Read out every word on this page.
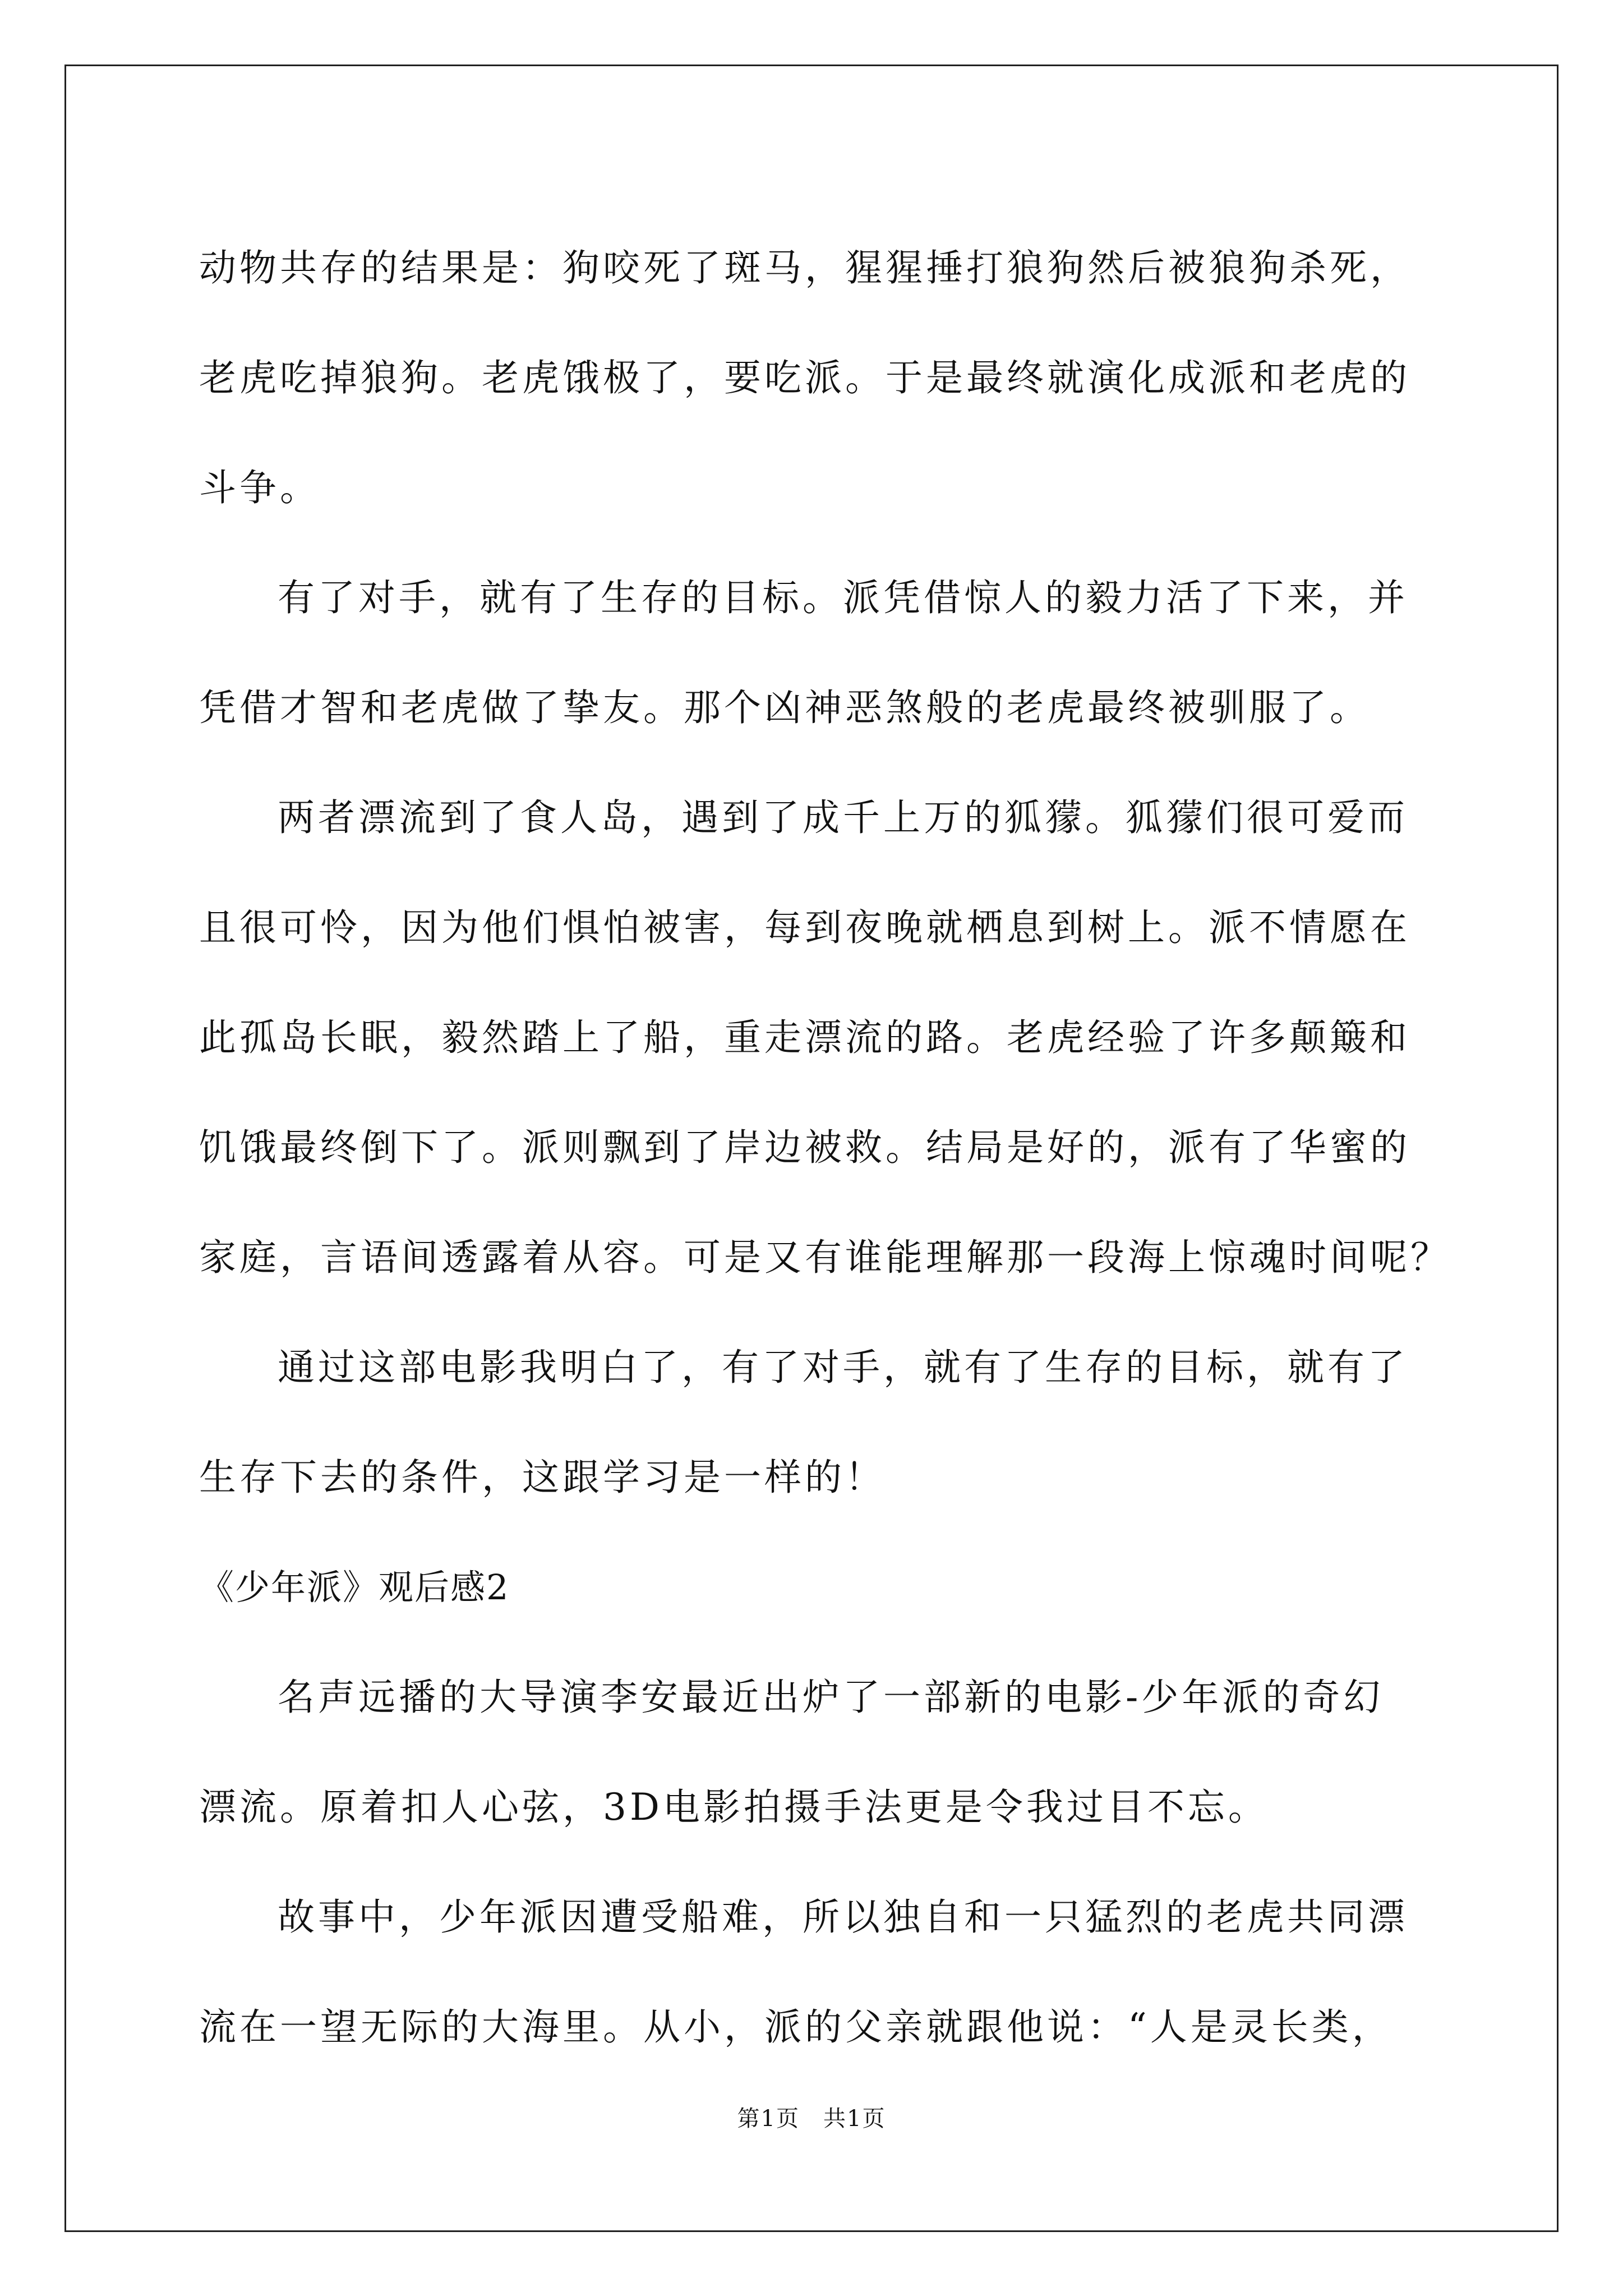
动物共存的结果是：狗咬死了斑马，猩猩捶打狼狗然后被狼狗杀死，
老虎吃掉狼狗。老虎饿极了，要吃派。于是最终就演化成派和老虎的
斗争。
有了对手，就有了生存的目标。派凭借惊人的毅力活了下来，并
凭借才智和老虎做了挚友。那个凶神恶煞般的老虎最终被驯服了。
两者漂流到了食人岛，遇到了成千上万的狐獴。狐獴们很可爱而
且很可怜，因为他们惧怕被害，每到夜晚就栖息到树上。派不情愿在
此孤岛长眠，毅然踏上了船，重走漂流的路。老虎经验了许多颠簸和
饥饿最终倒下了。派则飘到了岸边被救。结局是好的，派有了华蜜的
家庭，言语间透露着从容。可是又有谁能理解那一段海上惊魂时间呢？
通过这部电影我明白了，有了对手，就有了生存的目标，就有了
生存下去的条件，这跟学习是一样的！
《少年派》观后感2
名声远播的大导演李安最近出炉了一部新的电影-少年派的奇幻
漂流。原着扣人心弦，3D电影拍摄手法更是令我过目不忘。
故事中，少年派因遭受船难，所以独自和一只猛烈的老虎共同漂
流在一望无际的大海里。从小，派的父亲就跟他说：“人是灵长类，
第1页　共1页
